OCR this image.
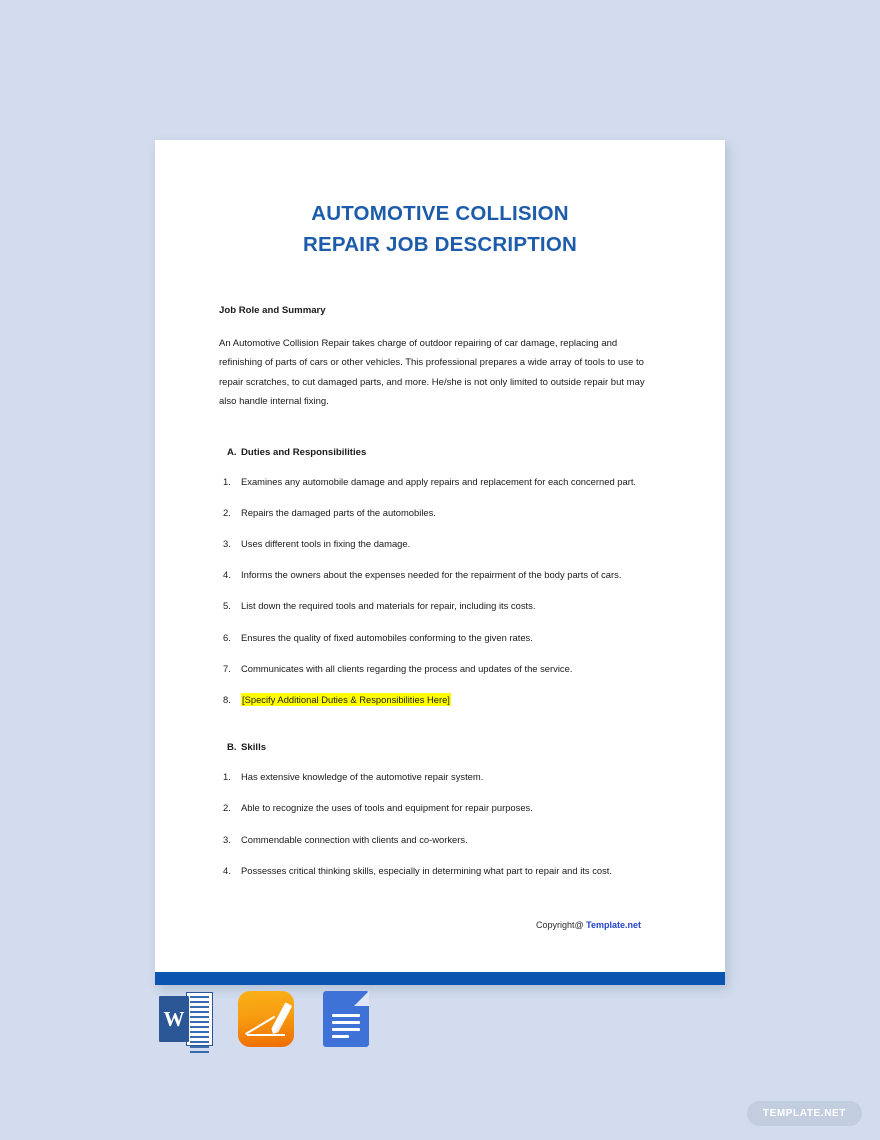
AUTOMOTIVE COLLISION
REPAIR JOB DESCRIPTION
Job Role and Summary

An Automotive Collision Repair takes charge of outdoor repairing of car damage, replacing and refinishing of parts of cars or other vehicles. This professional prepares a wide array of tools to use to repair scratches, to cut damaged parts, and more. He/she is not only limited to outside repair but may also handle internal fixing.

A. Duties and Responsibilities
1.	Examines any automobile damage and apply repairs and replacement for each concerned part.
2.	Repairs the damaged parts of the automobiles.
3.	Uses different tools in fixing the damage.
4.	Informs the owners about the expenses needed for the repairment of the body parts of cars.
5.	List down the required tools and materials for repair, including its costs.
6.	Ensures the quality of fixed automobiles conforming to the given rates.
7.	Communicates with all clients regarding the process and updates of the service.
8.	[Specify Additional Duties & Responsibilities Here]
B. Skills
1.	Has extensive knowledge of the automotive repair system.
2.	Able to recognize the uses of tools and equipment for repair purposes.
3.	Commendable connection with clients and co-workers.
4.	Possesses critical thinking skills, especially in determining what part to repair and its cost.
Copyright@ Template.net
W
TEMPLATE.NET
